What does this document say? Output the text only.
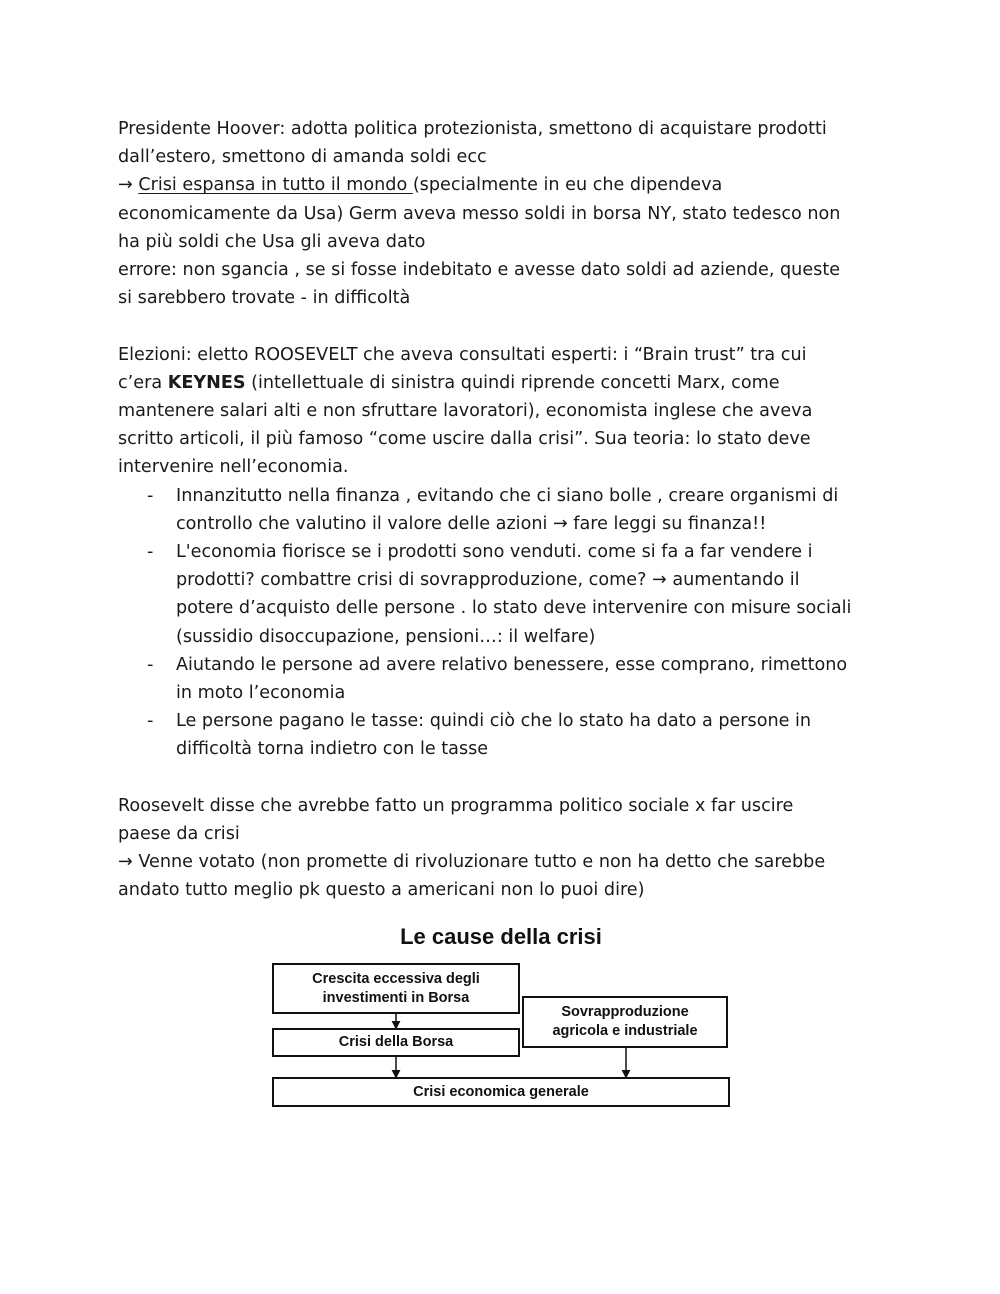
Presidente Hoover: adotta politica protezionista, smettono di acquistare prodotti
dall’estero, smettono di amanda soldi ecc
→ Crisi espansa in tutto il mondo (specialmente in eu che dipendeva
economicamente da Usa) Germ aveva messo soldi in borsa NY, stato tedesco non
ha più soldi che Usa gli aveva dato
errore: non sgancia , se si fosse indebitato e avesse dato soldi ad aziende, queste
si sarebbero trovate - in difficoltà

Elezioni: eletto ROOSEVELT che aveva consultati esperti: i “Brain trust” tra cui
c’era KEYNES (intellettuale di sinistra quindi riprende concetti Marx, come
mantenere salari alti e non sfruttare lavoratori), economista inglese che aveva
scritto articoli, il più famoso “come uscire dalla crisi”. Sua teoria: lo stato deve
intervenire nell’economia.

- Innanzitutto nella finanza , evitando che ci siano bolle , creare organismi di
controllo che valutino il valore delle azioni → fare leggi su finanza!!
- L'economia fiorisce se i prodotti sono venduti. come si fa a far vendere i
prodotti? combattre crisi di sovrapproduzione, come? → aumentando il
potere d’acquisto delle persone . lo stato deve intervenire con misure sociali
(sussidio disoccupazione, pensioni…: il welfare)
- Aiutando le persone ad avere relativo benessere, esse comprano, rimettono
in moto l’economia
- Le persone pagano le tasse: quindi ciò che lo stato ha dato a persone in
difficoltà torna indietro con le tasse

Roosevelt disse che avrebbe fatto un programma politico sociale x far uscire
paese da crisi
→ Venne votato (non promette di rivoluzionare tutto e non ha detto che sarebbe
andato tutto meglio pk questo a americani non lo puoi dire)

Le cause della crisi
Crescita eccessiva degli
investimenti in Borsa
Crisi della Borsa
Sovrapproduzione
agricola e industriale
Crisi economica generale
